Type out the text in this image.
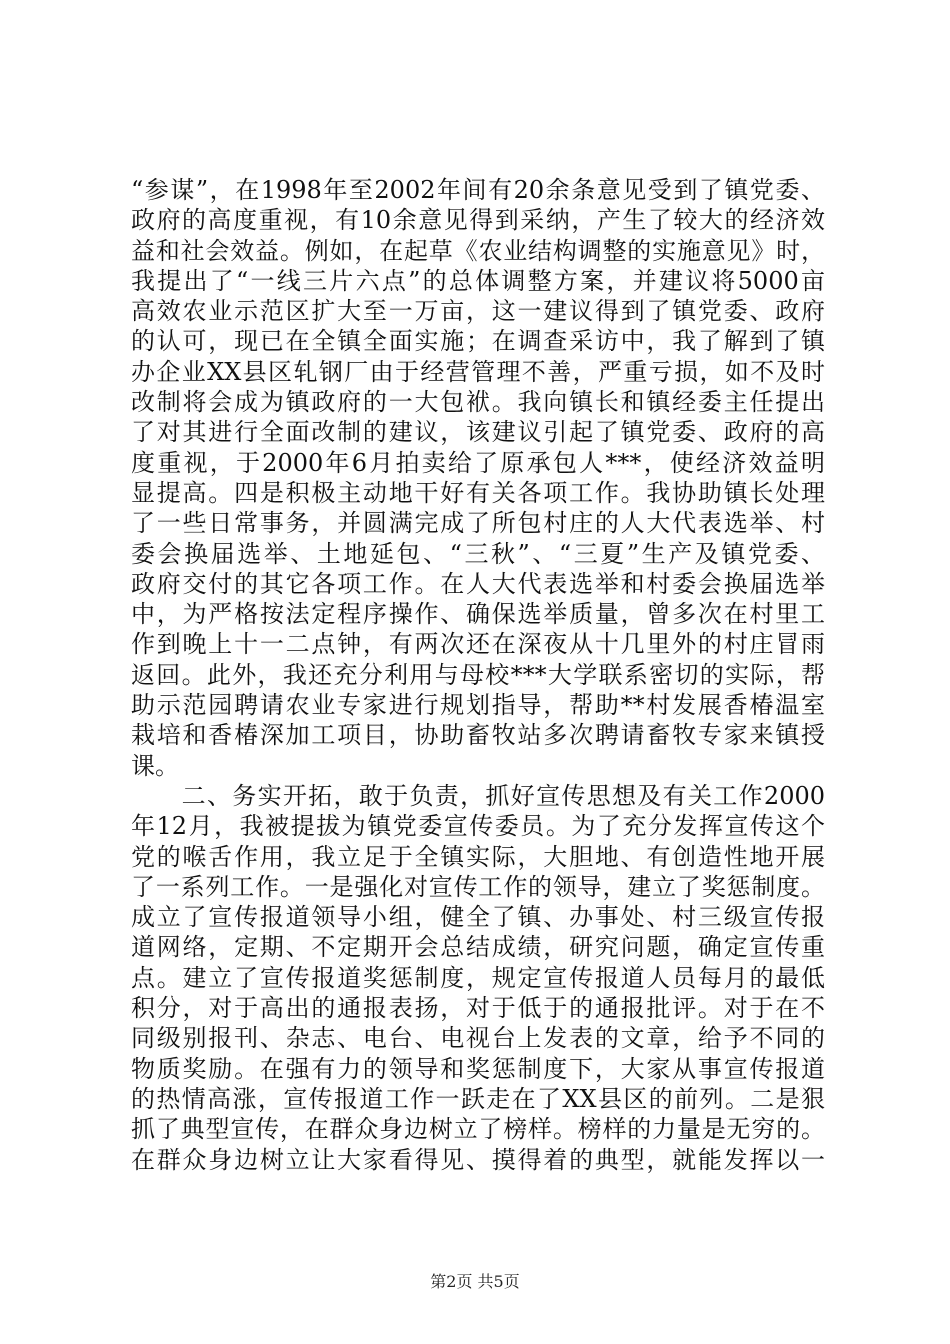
“参谋”，在1998年至2002年间有20余条意见受到了镇党委、
政府的高度重视，有10余意见得到采纳，产生了较大的经济效
益和社会效益。例如，在起草《农业结构调整的实施意见》时，
我提出了“一线三片六点”的总体调整方案，并建议将5000亩
高效农业示范区扩大至一万亩，这一建议得到了镇党委、政府
的认可，现已在全镇全面实施；在调查采访中，我了解到了镇
办企业XX县区轧钢厂由于经营管理不善，严重亏损，如不及时
改制将会成为镇政府的一大包袱。我向镇长和镇经委主任提出
了对其进行全面改制的建议，该建议引起了镇党委、政府的高
度重视，于2000年6月拍卖给了原承包人***，使经济效益明
显提高。四是积极主动地干好有关各项工作。我协助镇长处理
了一些日常事务，并圆满完成了所包村庄的人大代表选举、村
委会换届选举、土地延包、“三秋”、“三夏”生产及镇党委、
政府交付的其它各项工作。在人大代表选举和村委会换届选举
中，为严格按法定程序操作、确保选举质量，曾多次在村里工
作到晚上十一二点钟，有两次还在深夜从十几里外的村庄冒雨
返回。此外，我还充分利用与母校***大学联系密切的实际，帮
助示范园聘请农业专家进行规划指导，帮助**村发展香椿温室
栽培和香椿深加工项目，协助畜牧站多次聘请畜牧专家来镇授
课。
　　二、务实开拓，敢于负责，抓好宣传思想及有关工作2000
年12月，我被提拔为镇党委宣传委员。为了充分发挥宣传这个
党的喉舌作用，我立足于全镇实际，大胆地、有创造性地开展
了一系列工作。一是强化对宣传工作的领导，建立了奖惩制度。
成立了宣传报道领导小组，健全了镇、办事处、村三级宣传报
道网络，定期、不定期开会总结成绩，研究问题，确定宣传重
点。建立了宣传报道奖惩制度，规定宣传报道人员每月的最低
积分，对于高出的通报表扬，对于低于的通报批评。对于在不
同级别报刊、杂志、电台、电视台上发表的文章，给予不同的
物质奖励。在强有力的领导和奖惩制度下，大家从事宣传报道
的热情高涨，宣传报道工作一跃走在了XX县区的前列。二是狠
抓了典型宣传，在群众身边树立了榜样。榜样的力量是无穷的。
在群众身边树立让大家看得见、摸得着的典型，就能发挥以一
第2页 共5页
